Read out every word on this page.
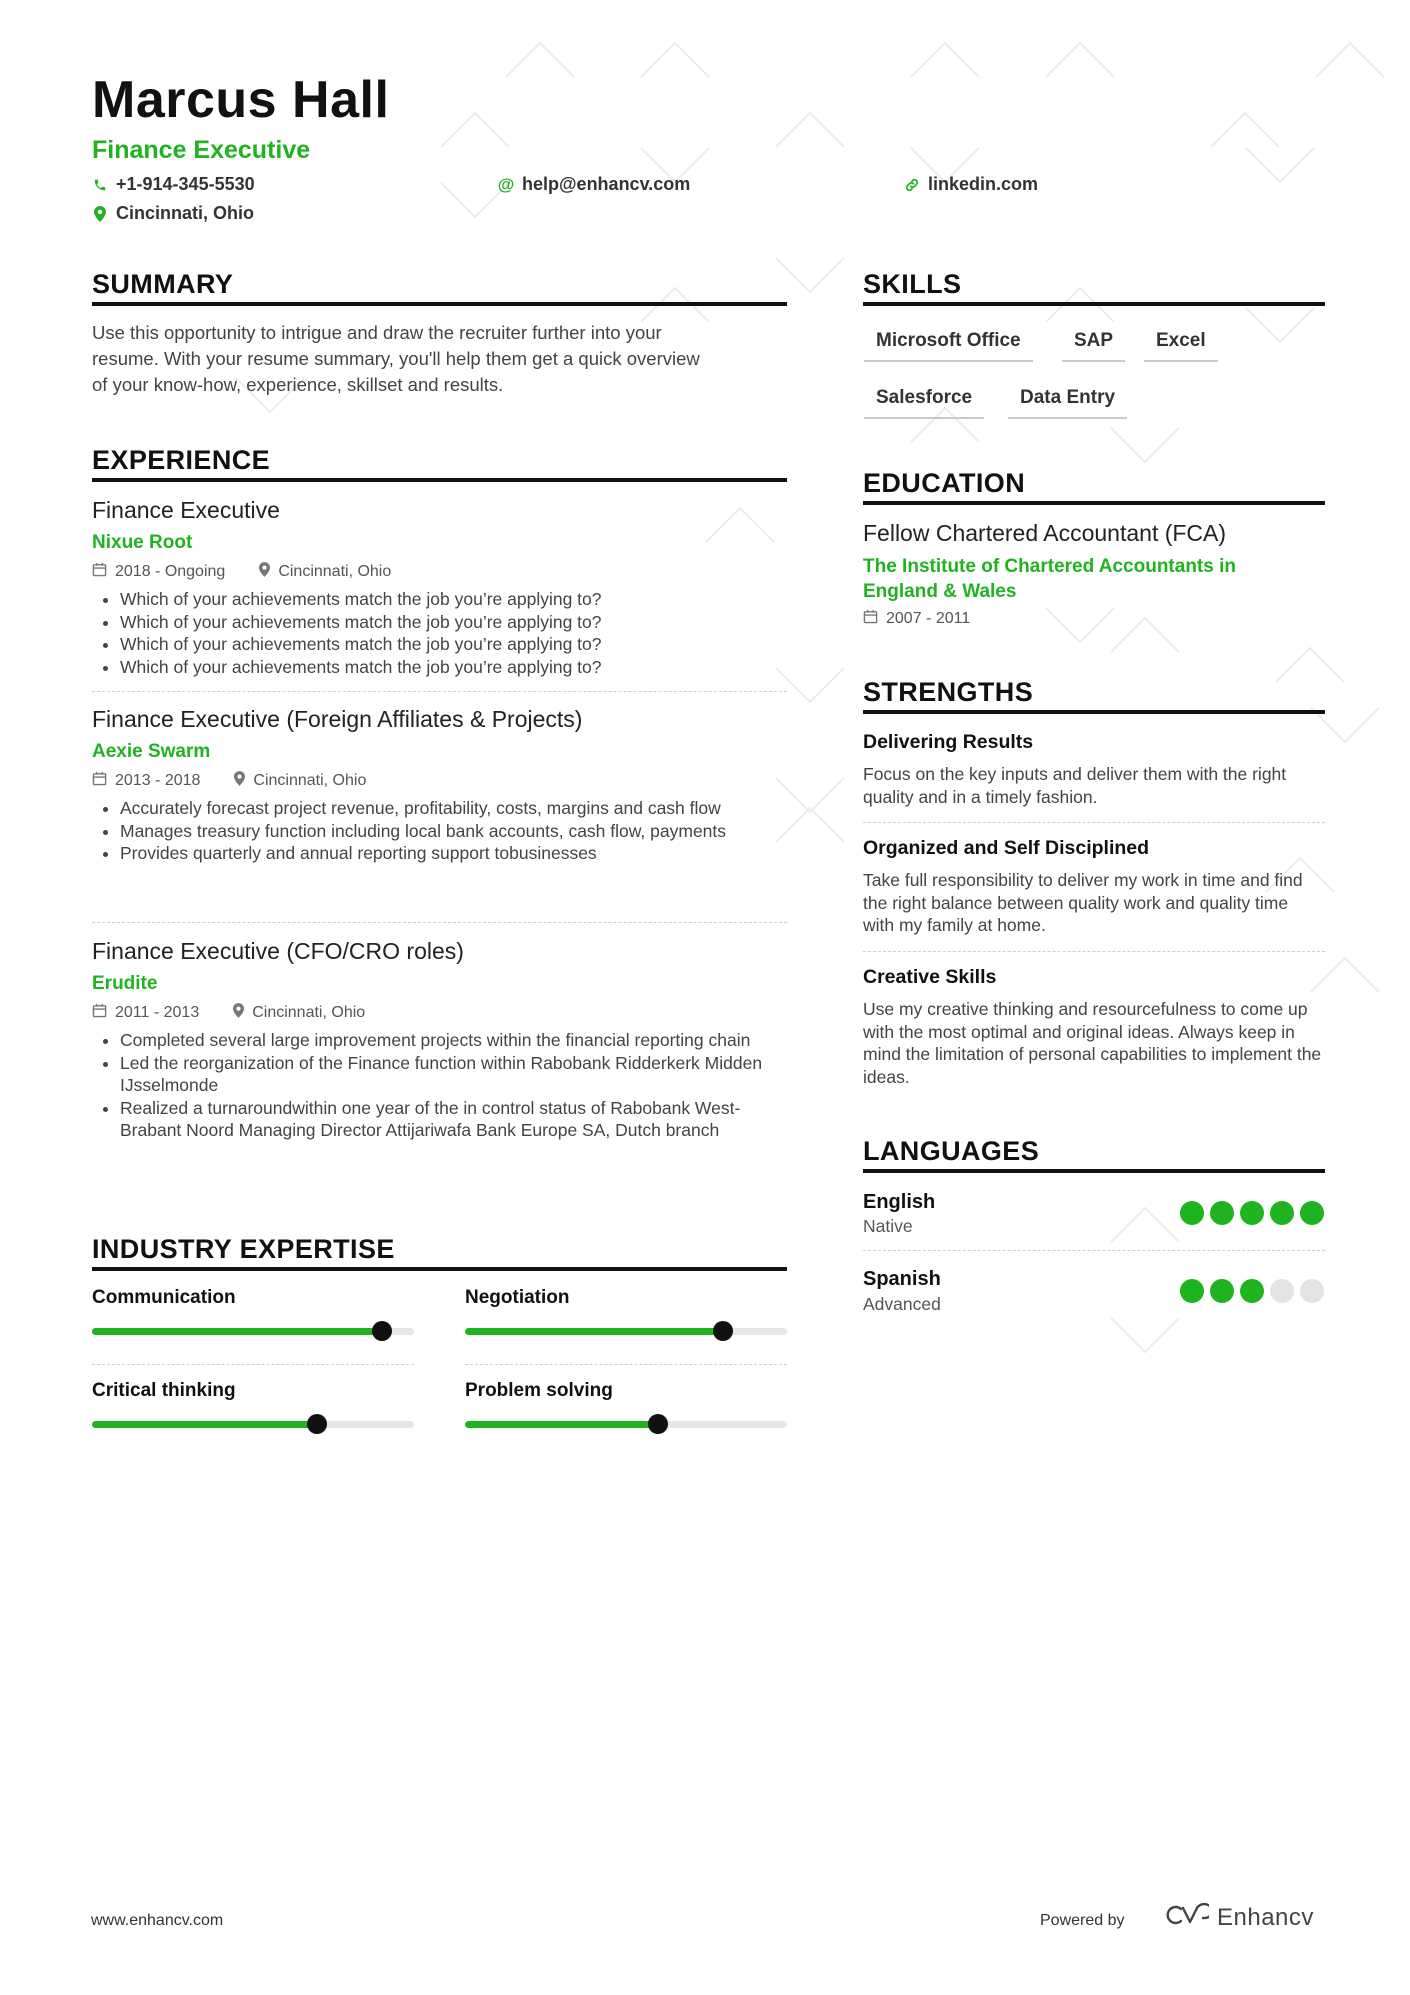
Marcus Hall
Finance Executive
+1-914-345-5530	@ help@enhancv.com	linkedin.com
Cincinnati, Ohio
SUMMARY
Use this opportunity to intrigue and draw the recruiter further into your
resume. With your resume summary, you'll help them get a quick overview
of your know-how, experience, skillset and results.
EXPERIENCE
Finance Executive
Nixue Root
2018 - Ongoing	Cincinnati, Ohio
• Which of your achievements match the job you’re applying to?
• Which of your achievements match the job you’re applying to?
• Which of your achievements match the job you’re applying to?
• Which of your achievements match the job you’re applying to?
Finance Executive (Foreign Affiliates & Projects)
Aexie Swarm
2013 - 2018	Cincinnati, Ohio
• Accurately forecast project revenue, profitability, costs, margins and cash flow
• Manages treasury function including local bank accounts, cash flow, payments
• Provides quarterly and annual reporting support tobusinesses
Finance Executive (CFO/CRO roles)
Erudite
2011 - 2013	Cincinnati, Ohio
• Completed several large improvement projects within the financial reporting chain
• Led the reorganization of the Finance function within Rabobank Ridderkerk Midden IJsselmonde
• Realized a turnaroundwithin one year of the in control status of Rabobank West-Brabant Noord Managing Director Attijariwafa Bank Europe SA, Dutch branch
INDUSTRY EXPERTISE
Communication	Negotiation
Critical thinking	Problem solving
SKILLS
Microsoft Office	SAP	Excel
Salesforce	Data Entry
EDUCATION
Fellow Chartered Accountant (FCA)
The Institute of Chartered Accountants in England & Wales
2007 - 2011
STRENGTHS
Delivering Results
Focus on the key inputs and deliver them with the right quality and in a timely fashion.
Organized and Self Disciplined
Take full responsibility to deliver my work in time and find the right balance between quality work and quality time with my family at home.
Creative Skills
Use my creative thinking and resourcefulness to come up with the most optimal and original ideas. Always keep in mind the limitation of personal capabilities to implement the ideas.
LANGUAGES
English
Native
Spanish
Advanced
www.enhancv.com	Powered by	Enhancv
